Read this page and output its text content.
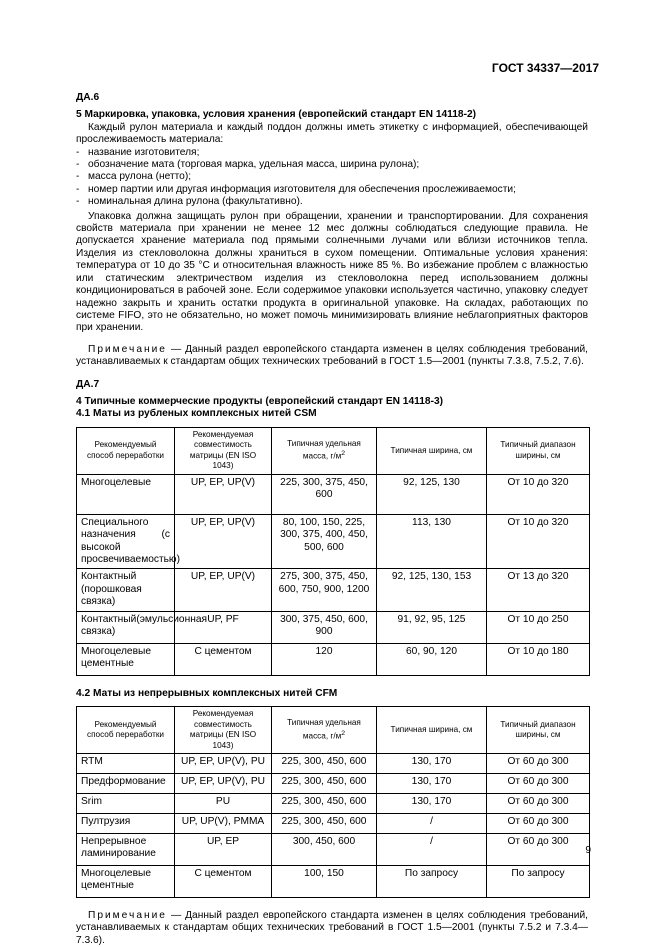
ГОСТ 34337—2017
ДА.6
5 Маркировка, упаковка, условия хранения (европейский стандарт EN 14118-2)

Каждый рулон материала и каждый поддон должны иметь этикетку с информацией, обеспечивающей прослеживаемость материала:

- название изготовителя;
- обозначение мата (торговая марка, удельная масса, ширина рулона);
- масса рулона (нетто);
- номер партии или другая информация изготовителя для обеспечения прослеживаемости;
- номинальная длина рулона (факультативно).

Упаковка должна защищать рулон при обращении, хранении и транспортировании. Для сохранения свойств материала при хранении не менее 12 мес должны соблюдаться следующие правила. Не допускается хранение материала под прямыми солнечными лучами или вблизи источников тепла. Изделия из стекловолокна должны храниться в сухом помещении. Оптимальные условия хранения: температура от 10 до 35 °С и относительная влажность ниже 85 %. Во избежание проблем с влажностью или статическим электричеством изделия из стекловолокна перед использованием должны кондиционироваться в рабочей зоне. Если содержимое упаковки используется частично, упаковку следует надежно закрыть и хранить остатки продукта в оригинальной упаковке. На складах, работающих по системе FIFO, это не обязательно, но может помочь минимизировать влияние неблагоприятных факторов при хранении.

Примечание — Данный раздел европейского стандарта изменен в целях соблюдения требований, устанавливаемых к стандартам общих технических требований в ГОСТ 1.5—2001 (пункты 7.3.8, 7.5.2, 7.6).

ДА.7
4 Типичные коммерческие продукты (европейский стандарт EN 14118-3)
4.1 Маты из рубленых комплексных нитей CSM
Рекомендуемый способ переработки	Рекомендуемая совместимость матрицы (EN ISO 1043)	Типичная удельная масса, $г/м^2$	Типичная ширина, см	Типичный диапазон ширины, см
Многоцелевые	UP, EP, UP(V)	225, 300, 375, 450, 600	92, 125, 130	От 10 до 320
Специального назначения (с высокой просвечиваемостью)	UP, EP, UP(V)	80, 100, 150, 225, 300, 375, 400, 450, 500, 600	113, 130	От 10 до 320
Контактный (порошковая связка)	UP, EP, UP(V)	275, 300, 375, 450, 600, 750, 900, 1200	92, 125, 130, 153	От 13 до 320
Контактный(эмульсионная связка)	UP, PF	300, 375, 450, 600, 900	91, 92, 95, 125	От 10 до 250
Многоцелевые цементные	С цементом	120	60, 90, 120	От 10 до 180
4.2 Маты из непрерывных комплексных нитей CFM
Рекомендуемый способ переработки	Рекомендуемая совместимость матрицы (EN ISO 1043)	Типичная удельная масса, $г/м^2$	Типичная ширина, см	Типичный диапазон ширины, см
RTM	UP, EP, UP(V), PU	225, 300, 450, 600	130, 170	От 60 до 300
Предформование	UP, EP, UP(V), PU	225, 300, 450, 600	130, 170	От 60 до 300
Srim	PU	225, 300, 450, 600	130, 170	От 60 до 300
Пултрузия	UP, UP(V), PMMA	225, 300, 450, 600	/	От 60 до 300
Непрерывное ламинирование	UP, EP	300, 450, 600	/	От 60 до 300
Многоцелевые цементные	С цементом	100, 150	По запросу	По запросу

Примечание — Данный раздел европейского стандарта изменен в целях соблюдения требований, устанавливаемых к стандартам общих технических требований в ГОСТ 1.5—2001 (пункты 7.5.2 и 7.3.4—7.3.6).

9
